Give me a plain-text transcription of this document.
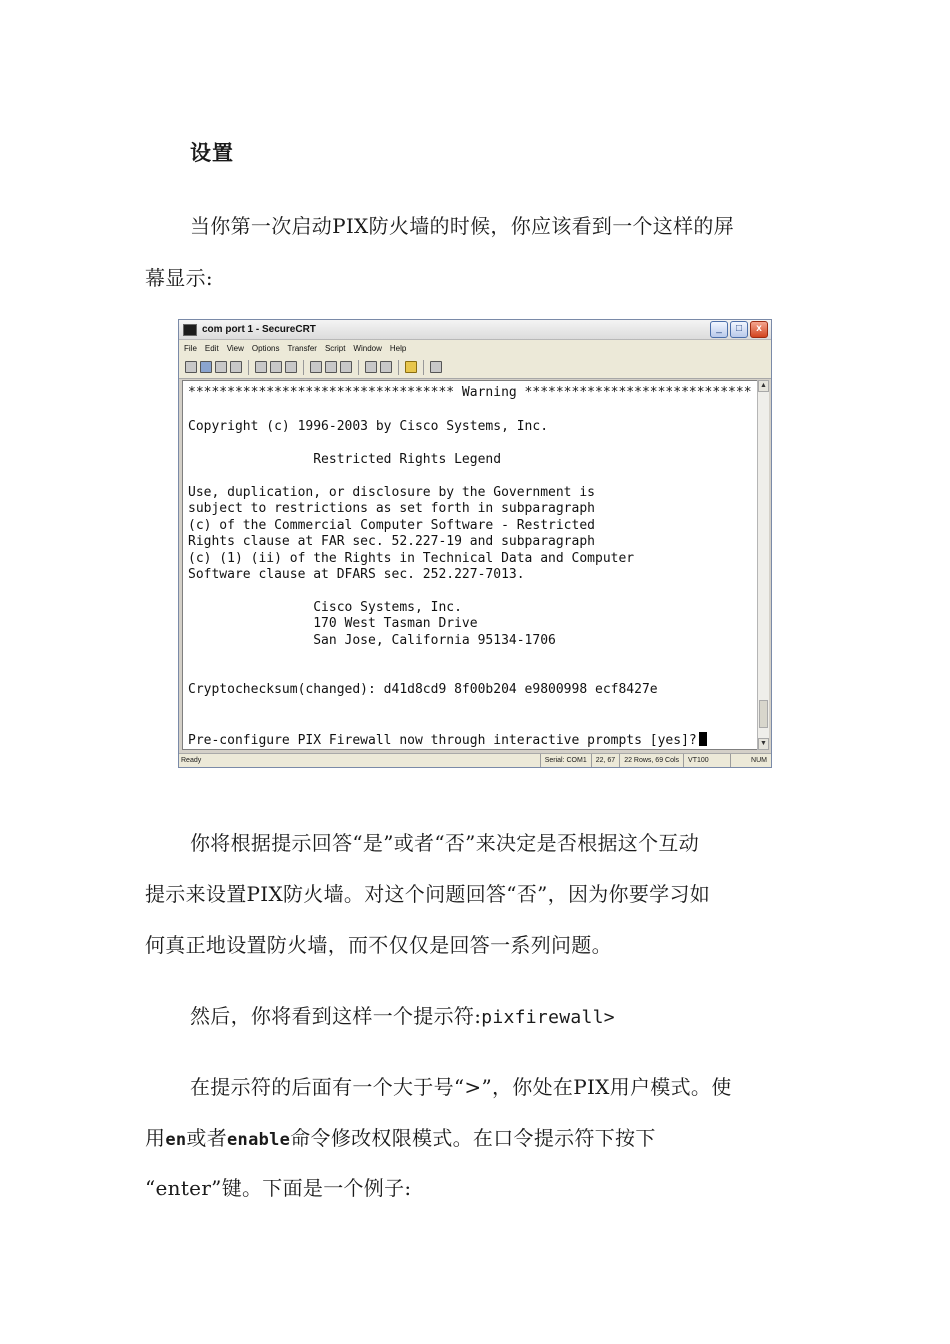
设置
当你第一次启动PIX防火墙的时候，你应该看到一个这样的屏
幕显示:
com port 1 - SecureCRT	_	□	x
File Edit View Options Transfer Script Window Help
********************************** Warning *****************************
Copyright (c) 1996-2003 by Cisco Systems, Inc.
Restricted Rights Legend
Use, duplication, or disclosure by the Government is
subject to restrictions as set forth in subparagraph
(c) of the Commercial Computer Software - Restricted
Rights clause at FAR sec. 52.227-19 and subparagraph
(c) (1) (ii) of the Rights in Technical Data and Computer
Software clause at DFARS sec. 252.227-7013.
Cisco Systems, Inc.
170 West Tasman Drive
San Jose, California 95134-1706
Cryptochecksum(changed): d41d8cd9 8f00b204 e9800998 ecf8427e
Pre-configure PIX Firewall now through interactive prompts [yes]?
▲
▼
Ready	Serial: COM1	22, 67	22 Rows, 69 Cols	VT100	NUM
你将根据提示回答“是”或者“否”来决定是否根据这个互动
提示来设置PIX防火墙。对这个问题回答“否”，因为你要学习如
何真正地设置防火墙，而不仅仅是回答一系列问题。
然后，你将看到这样一个提示符:pixfirewall>
在提示符的后面有一个大于号“>”，你处在PIX用户模式。使
用en或者enable命令修改权限模式。在口令提示符下按下
“enter”键。下面是一个例子:
